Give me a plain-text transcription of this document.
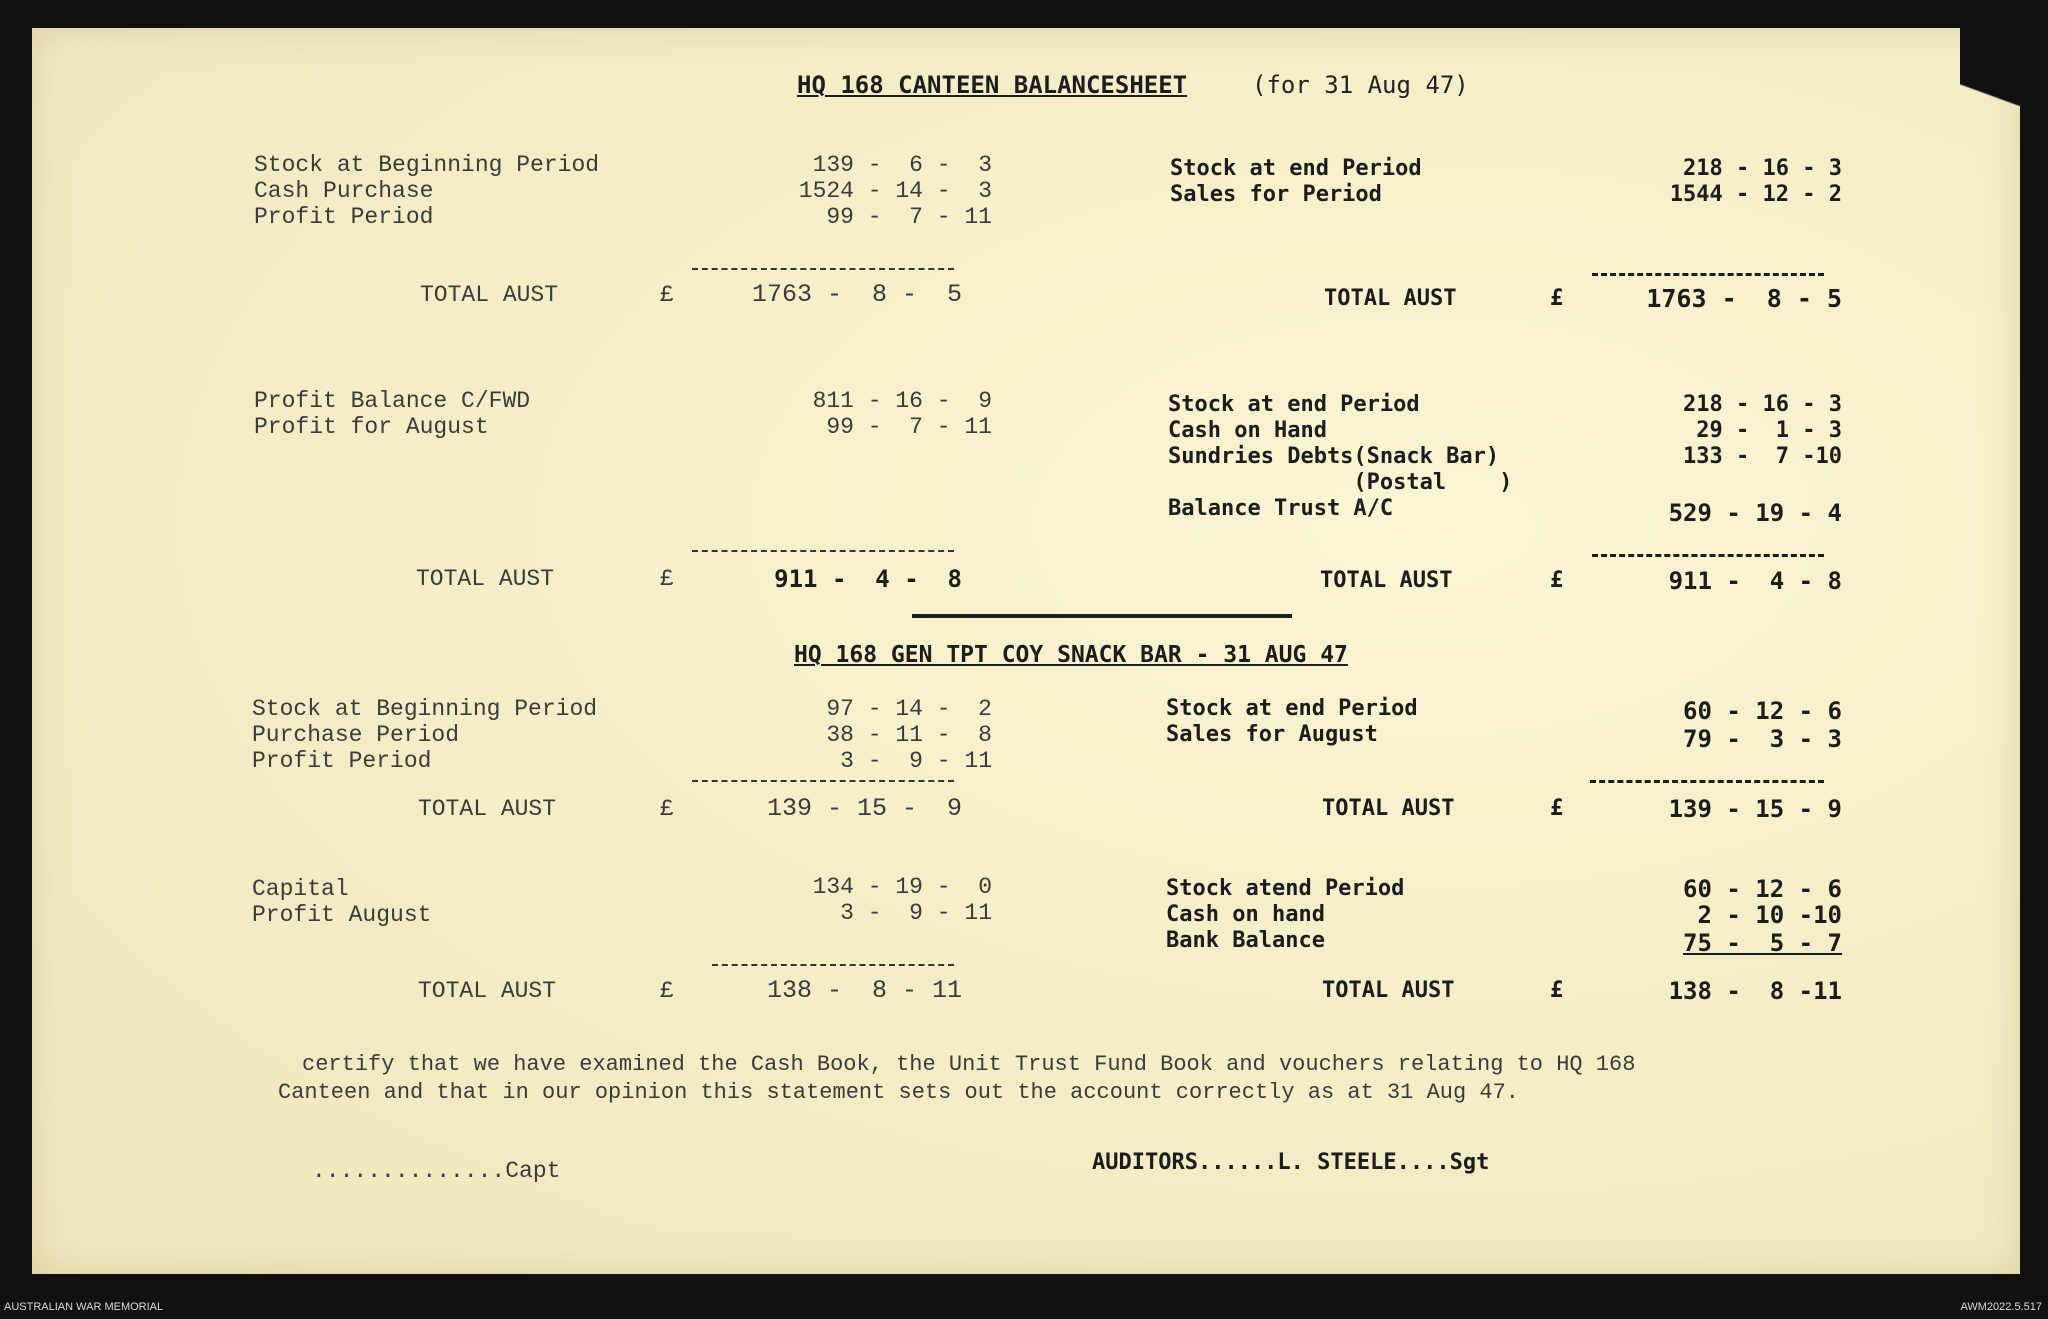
HQ 168 CANTEEN BALANCESHEET	(for 31 Aug 47)
Stock at Beginning Period	139 -  6 -  3
Cash Purchase	1524 - 14 -  3
Profit Period	99 -  7 - 11
TOTAL AUST	£	1763 -  8 -  5
Stock at end Period	218 - 16 - 3
Sales for Period	1544 - 12 - 2
TOTAL AUST	£	1763 -  8 - 5
Profit Balance C/FWD	811 - 16 -  9
Profit for August	99 -  7 - 11
TOTAL AUST	£	911 -  4 -  8
Stock at end Period	218 - 16 - 3
Cash on Hand	29 -  1 - 3
Sundries Debts(Snack Bar)	133 -  7 -10
(Postal    )
Balance Trust A/C	529 - 19 - 4
TOTAL AUST	£	911 -  4 - 8
HQ 168 GEN TPT COY SNACK BAR - 31 AUG 47
Stock at Beginning Period	97 - 14 -  2
Purchase Period	38 - 11 -  8
Profit Period	3 -  9 - 11
TOTAL AUST	£	139 - 15 -  9
Stock at end Period	60 - 12 - 6
Sales for August	79 -  3 - 3
TOTAL AUST	£	139 - 15 - 9
Capital	134 - 19 -  0
Profit August	3 -  9 - 11
TOTAL AUST	£	138 -  8 - 11
Stock atend Period	60 - 12 - 6
Cash on hand	2 - 10 -10
Bank Balance	75 -  5 - 7
TOTAL AUST	£	138 -  8 -11
certify that we have examined the Cash Book, the Unit Trust Fund Book and vouchers relating to HQ 168
Canteen and that in our opinion this statement sets out the account correctly as at 31 Aug 47.
..............Capt	AUDITORS......L. STEELE....Sgt
AUSTRALIAN WAR MEMORIAL	AWM2022.5.517
